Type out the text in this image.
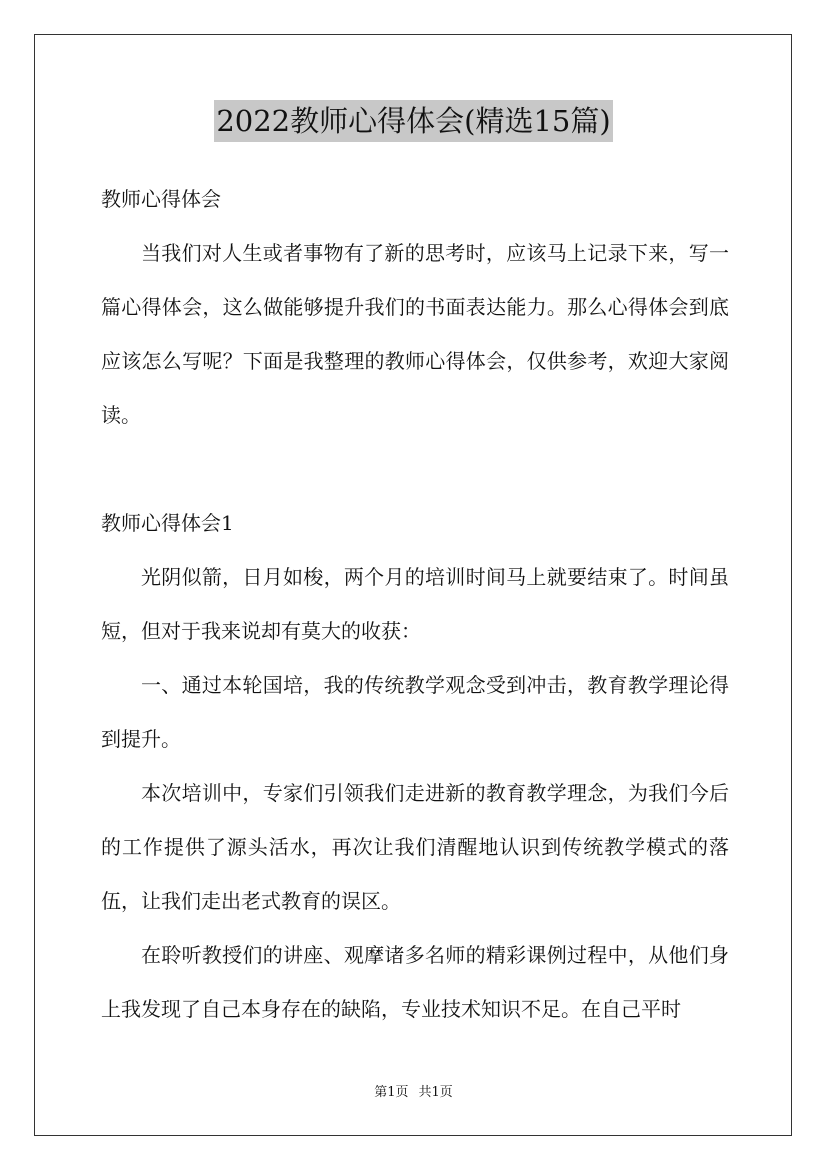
2022教师心得体会(精选15篇)

教师心得体会

当我们对人生或者事物有了新的思考时，应该马上记录下来，写一篇心得体会，这么做能够提升我们的书面表达能力。那么心得体会到底应该怎么写呢？下面是我整理的教师心得体会，仅供参考，欢迎大家阅读。

教师心得体会1

光阴似箭，日月如梭，两个月的培训时间马上就要结束了。时间虽短，但对于我来说却有莫大的收获：

一、通过本轮国培，我的传统教学观念受到冲击，教育教学理论得到提升。

本次培训中，专家们引领我们走进新的教育教学理念，为我们今后的工作提供了源头活水，再次让我们清醒地认识到传统教学模式的落伍，让我们走出老式教育的误区。

在聆听教授们的讲座、观摩诸多名师的精彩课例过程中，从他们身上我发现了自己本身存在的缺陷，专业技术知识不足。在自己平时

第1页 共1页
